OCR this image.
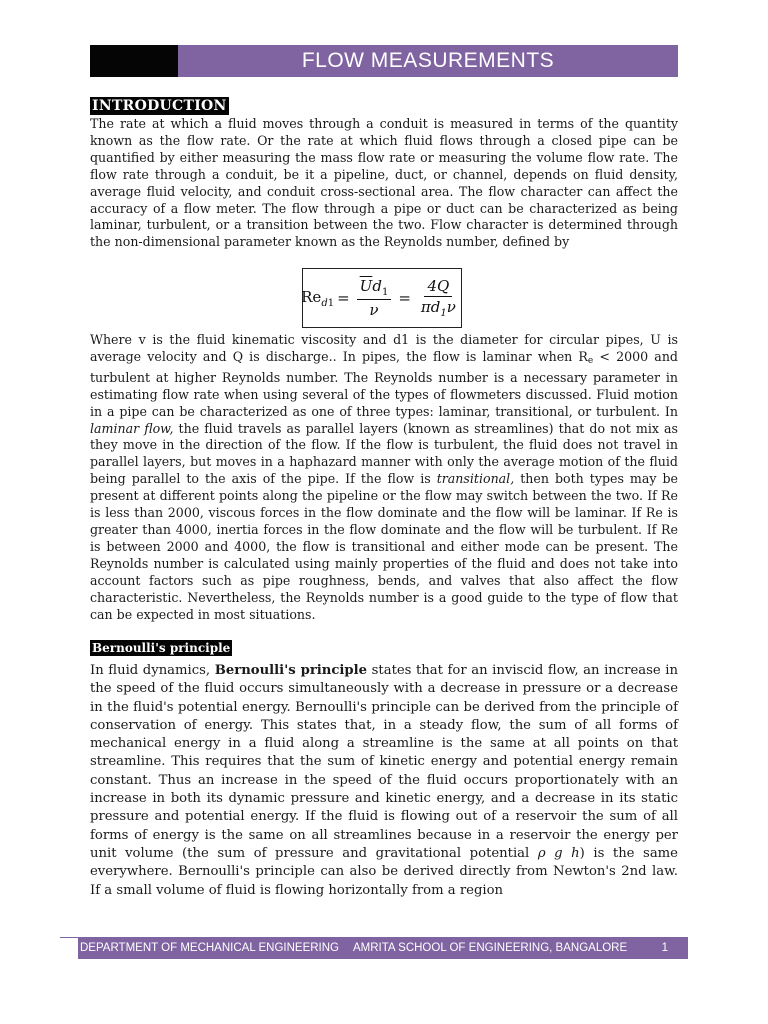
FLOW MEASUREMENTS
INTRODUCTION

The rate at which a fluid moves through a conduit is measured in terms of the quantity known as the flow rate. Or the rate at which fluid flows through a closed pipe can be quantified by either measuring the mass flow rate or measuring the volume flow rate. The flow rate through a conduit, be it a pipeline, duct, or channel, depends on fluid density, average fluid velocity, and conduit cross-sectional area. The flow character can affect the accuracy of a flow meter. The flow through a pipe or duct can be characterized as being laminar, turbulent, or a transition between the two. Flow character is determined through the non-dimensional parameter known as the Reynolds number, defined by

$Re_{d1} = \frac{\overline{U}d_1}{\nu} = \frac{4Q}{\pi d_1\nu}$

Where v is the fluid kinematic viscosity and d1 is the diameter for circular pipes, U is average velocity and Q is discharge.. In pipes, the flow is laminar when $R_e < 2000$ and turbulent at higher Reynolds number. The Reynolds number is a necessary parameter in estimating flow rate when using several of the types of flowmeters discussed. Fluid motion in a pipe can be characterized as one of three types: laminar, transitional, or turbulent. In laminar flow, the fluid travels as parallel layers (known as streamlines) that do not mix as they move in the direction of the flow. If the flow is turbulent, the fluid does not travel in parallel layers, but moves in a haphazard manner with only the average motion of the fluid being parallel to the axis of the pipe. If the flow is transitional, then both types may be present at different points along the pipeline or the flow may switch between the two. If Re is less than 2000, viscous forces in the flow dominate and the flow will be laminar. If Re is greater than 4000, inertia forces in the flow dominate and the flow will be turbulent. If Re is between 2000 and 4000, the flow is transitional and either mode can be present. The Reynolds number is calculated using mainly properties of the fluid and does not take into account factors such as pipe roughness, bends, and valves that also affect the flow characteristic. Nevertheless, the Reynolds number is a good guide to the type of flow that can be expected in most situations.

Bernoulli's principle

In fluid dynamics, Bernoulli's principle states that for an inviscid flow, an increase in the speed of the fluid occurs simultaneously with a decrease in pressure or a decrease in the fluid's potential energy. Bernoulli's principle can be derived from the principle of conservation of energy. This states that, in a steady flow, the sum of all forms of mechanical energy in a fluid along a streamline is the same at all points on that streamline. This requires that the sum of kinetic energy and potential energy remain constant. Thus an increase in the speed of the fluid occurs proportionately with an increase in both its dynamic pressure and kinetic energy, and a decrease in its static pressure and potential energy. If the fluid is flowing out of a reservoir the sum of all forms of energy is the same on all streamlines because in a reservoir the energy per unit volume (the sum of pressure and gravitational potential ρ g h) is the same everywhere. Bernoulli's principle can also be derived directly from Newton's 2nd law. If a small volume of fluid is flowing horizontally from a region

DEPARTMENT OF MECHANICAL ENGINEERING AMRITA SCHOOL OF ENGINEERING, BANGALORE	1
